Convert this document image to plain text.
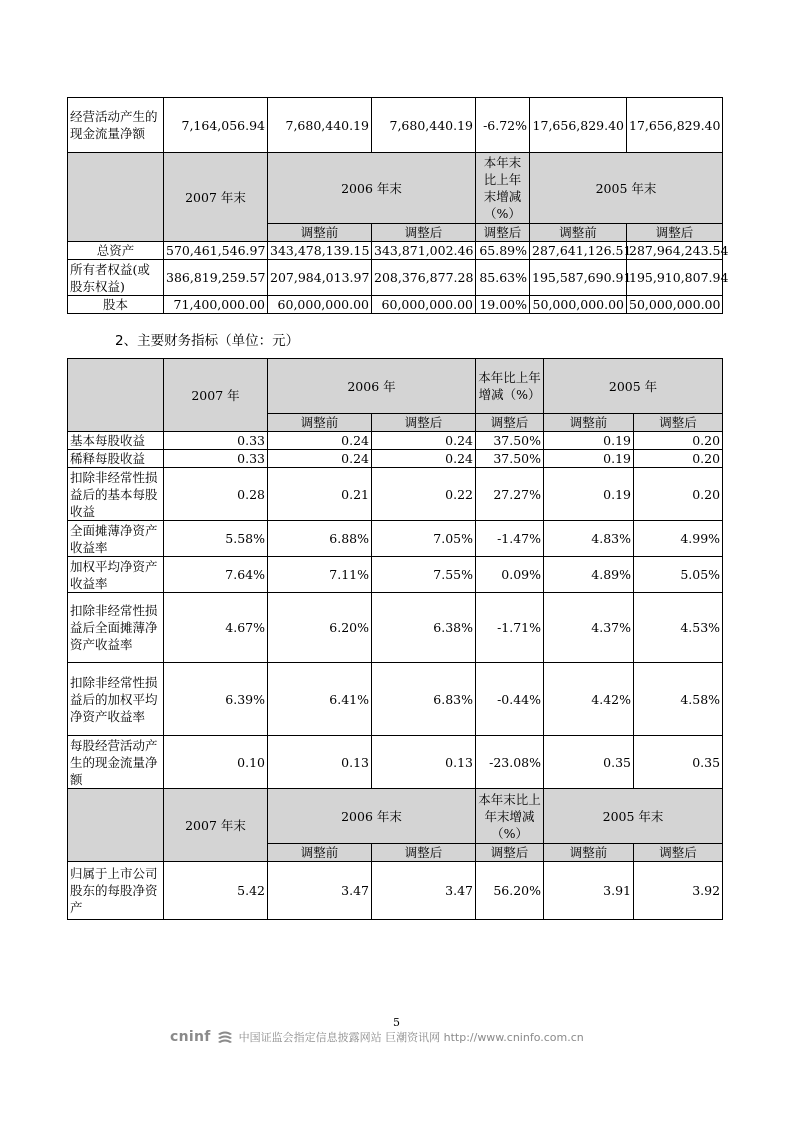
经营活动产生的现金流量净额	7,164,056.94	7,680,440.19	7,680,440.19	-6.72%	17,656,829.40	17,656,829.40
	2007 年末	2006 年末		本年末比上年末增减（%）	2005 年末	
		调整前	调整后	调整后	调整前	调整后
总资产	570,461,546.97	343,478,139.15	343,871,002.46	65.89%	287,641,126.51	287,964,243.54
所有者权益(或股东权益)	386,819,259.57	207,984,013.97	208,376,877.28	85.63%	195,587,690.91	195,910,807.94
股本	71,400,000.00	60,000,000.00	60,000,000.00	19.00%	50,000,000.00	50,000,000.00
2、主要财务指标（单位：元）
	2007 年	2006 年		本年比上年增减（%）	2005 年	
		调整前	调整后	调整后	调整前	调整后
基本每股收益	0.33	0.24	0.24	37.50%	0.19	0.20
稀释每股收益	0.33	0.24	0.24	37.50%	0.19	0.20
扣除非经常性损益后的基本每股收益	0.28	0.21	0.22	27.27%	0.19	0.20
全面摊薄净资产收益率	5.58%	6.88%	7.05%	-1.47%	4.83%	4.99%
加权平均净资产收益率	7.64%	7.11%	7.55%	0.09%	4.89%	5.05%
扣除非经常性损益后全面摊薄净资产收益率	4.67%	6.20%	6.38%	-1.71%	4.37%	4.53%
扣除非经常性损益后的加权平均净资产收益率	6.39%	6.41%	6.83%	-0.44%	4.42%	4.58%
每股经营活动产生的现金流量净额	0.10	0.13	0.13	-23.08%	0.35	0.35
	2007 年末	2006 年末		本年末比上年末增减（%）	2005 年末	
		调整前	调整后	调整后	调整前	调整后
归属于上市公司股东的每股净资产	5.42	3.47	3.47	56.20%	3.91	3.92
5
cninf	中国证监会指定信息披露网站 巨潮资讯网 http://www.cninfo.com.cn
